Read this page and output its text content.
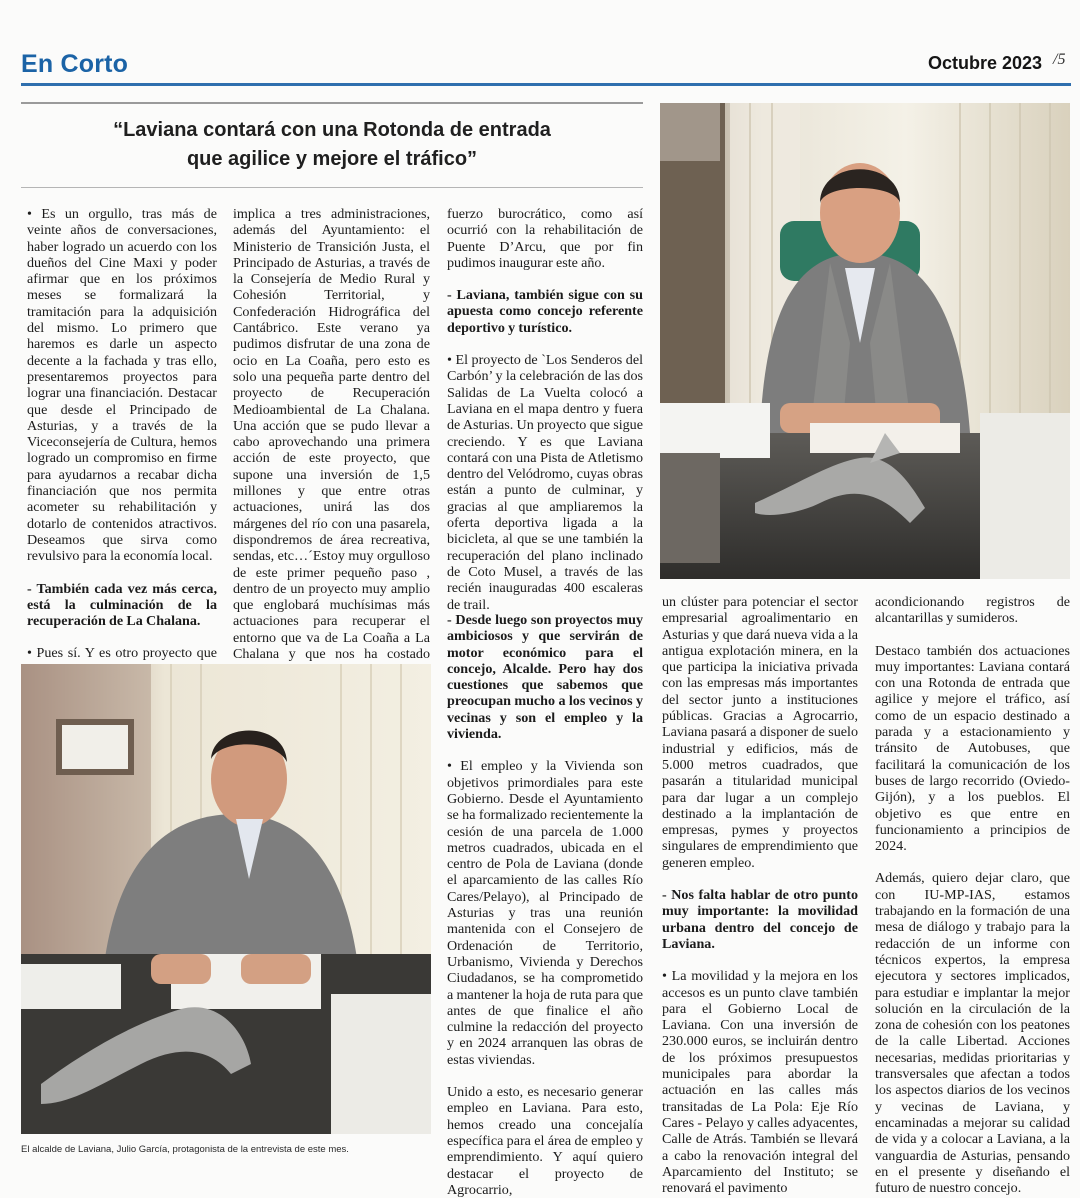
En Corto	Octubre 2023 /5
“Laviana contará con una Rotonda de entrada
que agilice y mejore el tráfico”

• Es un orgullo, tras más de veinte años de conversaciones, haber logrado un acuerdo con los dueños del Cine Maxi y poder afirmar que en los próximos meses se formalizará la tramitación para la adquisición del mismo. Lo primero que haremos es darle un aspecto decente a la fachada y tras ello, presentaremos proyectos para lograr una financiación. Destacar que desde el Principado de Asturias, y a través de la Viceconsejería de Cultura, hemos logrado un compromiso en firme para ayudarnos a recabar dicha financiación que nos permita acometer su rehabilitación y dotarlo de contenidos atractivos. Deseamos que sirva como revulsivo para la economía local.

- También cada vez más cerca, está la culminación de la recuperación de La Chalana.

• Pues sí. Y es otro proyecto que

implica a tres administraciones, además del Ayuntamiento: el Ministerio de Transición Justa, el Principado de Asturias, a través de la Consejería de Medio Rural y Cohesión Territorial, y Confederación Hidrográfica del Cantábrico. Este verano ya pudimos disfrutar de una zona de ocio en La Coaña, pero esto es solo una pequeña parte dentro del proyecto de Recuperación Medioambiental de La Chalana. Una acción que se pudo llevar a cabo aprovechando una primera acción de este proyecto, que supone una inversión de 1,5 millones y que entre otras actuaciones, unirá las dos márgenes del río con una pasarela, dispondremos de área recreativa, sendas, etc…´Estoy muy orgulloso de este primer pequeño paso , dentro de un proyecto muy amplio que englobará muchísimas más actuaciones para recuperar el entorno que va de La Coaña a La Chalana y que nos ha costado

fuerzo burocrático, como así ocurrió con la rehabilitación de Puente D’Arcu, que por fin pudimos inaugurar este año.

- Laviana, también sigue con su apuesta como concejo referente deportivo y turístico.

• El proyecto de `Los Senderos del Carbón’ y la celebración de las dos Salidas de La Vuelta colocó a Laviana en el mapa dentro y fuera de Asturias. Un proyecto que sigue creciendo. Y es que Laviana contará con una Pista de Atletismo dentro del Velódromo, cuyas obras están a punto de culminar, y gracias al que ampliaremos la oferta deportiva ligada a la bicicleta, al que se une también la recuperación del plano inclinado de Coto Musel, a través de las recién inauguradas 400 escaleras de trail.

El alcalde de Laviana, Julio García, protagonista de la entrevista de este mes.

- Desde luego son proyectos muy ambiciosos y que servirán de motor económico para el concejo, Alcalde. Pero hay dos cuestiones que sabemos que preocupan mucho a los vecinos y vecinas y son el empleo y la vivienda.

• El empleo y la Vivienda son objetivos primordiales para este Gobierno. Desde el Ayuntamiento se ha formalizado recientemente la cesión de una parcela de 1.000 metros cuadrados, ubicada en el centro de Pola de Laviana (donde el aparcamiento de las calles Río Cares/Pelayo), al Principado de Asturias y tras una reunión mantenida con el Consejero de Ordenación de Territorio, Urbanismo, Vivienda y Derechos Ciudadanos, se ha comprometido a mantener la hoja de ruta para que antes de que finalice el año culmine la redacción del proyecto y en 2024 arranquen las obras de estas viviendas.

Unido a esto, es necesario generar empleo en Laviana. Para esto, hemos creado una concejalía específica para el área de empleo y emprendimiento. Y aquí quiero destacar el proyecto de Agrocarrio,

un clúster para potenciar el sector empresarial agroalimentario en Asturias y que dará nueva vida a la antigua explotación minera, en la que participa la iniciativa privada con las empresas más importantes del sector junto a instituciones públicas. Gracias a Agrocarrio, Laviana pasará a disponer de suelo industrial y edificios, más de 5.000 metros cuadrados, que pasarán a titularidad municipal para dar lugar a un complejo destinado a la implantación de empresas, pymes y proyectos singulares de emprendimiento que generen empleo.

- Nos falta hablar de otro punto muy importante: la movilidad urbana dentro del concejo de Laviana.

• La movilidad y la mejora en los accesos es un punto clave también para el Gobierno Local de Laviana. Con una inversión de 230.000 euros, se incluirán dentro de los próximos presupuestos municipales para abordar la actuación en las calles más transitadas de La Pola: Eje Río Cares - Pelayo y calles adyacentes, Calle de Atrás. También se llevará a cabo la renovación integral del Aparcamiento del Instituto; se renovará el pavimento

acondicionando registros de alcantarillas y sumideros.

Destaco también dos actuaciones muy importantes: Laviana contará con una Rotonda de entrada que agilice y mejore el tráfico, así como de un espacio destinado a parada y a estacionamiento y tránsito de Autobuses, que facilitará la comunicación de los buses de largo recorrido (Oviedo- Gijón), y a los pueblos. El objetivo es que entre en funcionamiento a principios de 2024.

Además, quiero dejar claro, que con IU-MP-IAS, estamos trabajando en la formación de una mesa de diálogo y trabajo para la redacción de un informe con técnicos expertos, la empresa ejecutora y sectores implicados, para estudiar e implantar la mejor solución en la circulación de la zona de cohesión con los peatones de la calle Libertad. Acciones necesarias, medidas prioritarias y transversales que afectan a todos los aspectos diarios de los vecinos y vecinas de Laviana, y encaminadas a mejorar su calidad de vida y a colocar a Laviana, a la vanguardia de Asturias, pensando en el presente y diseñando el futuro de nuestro concejo.
